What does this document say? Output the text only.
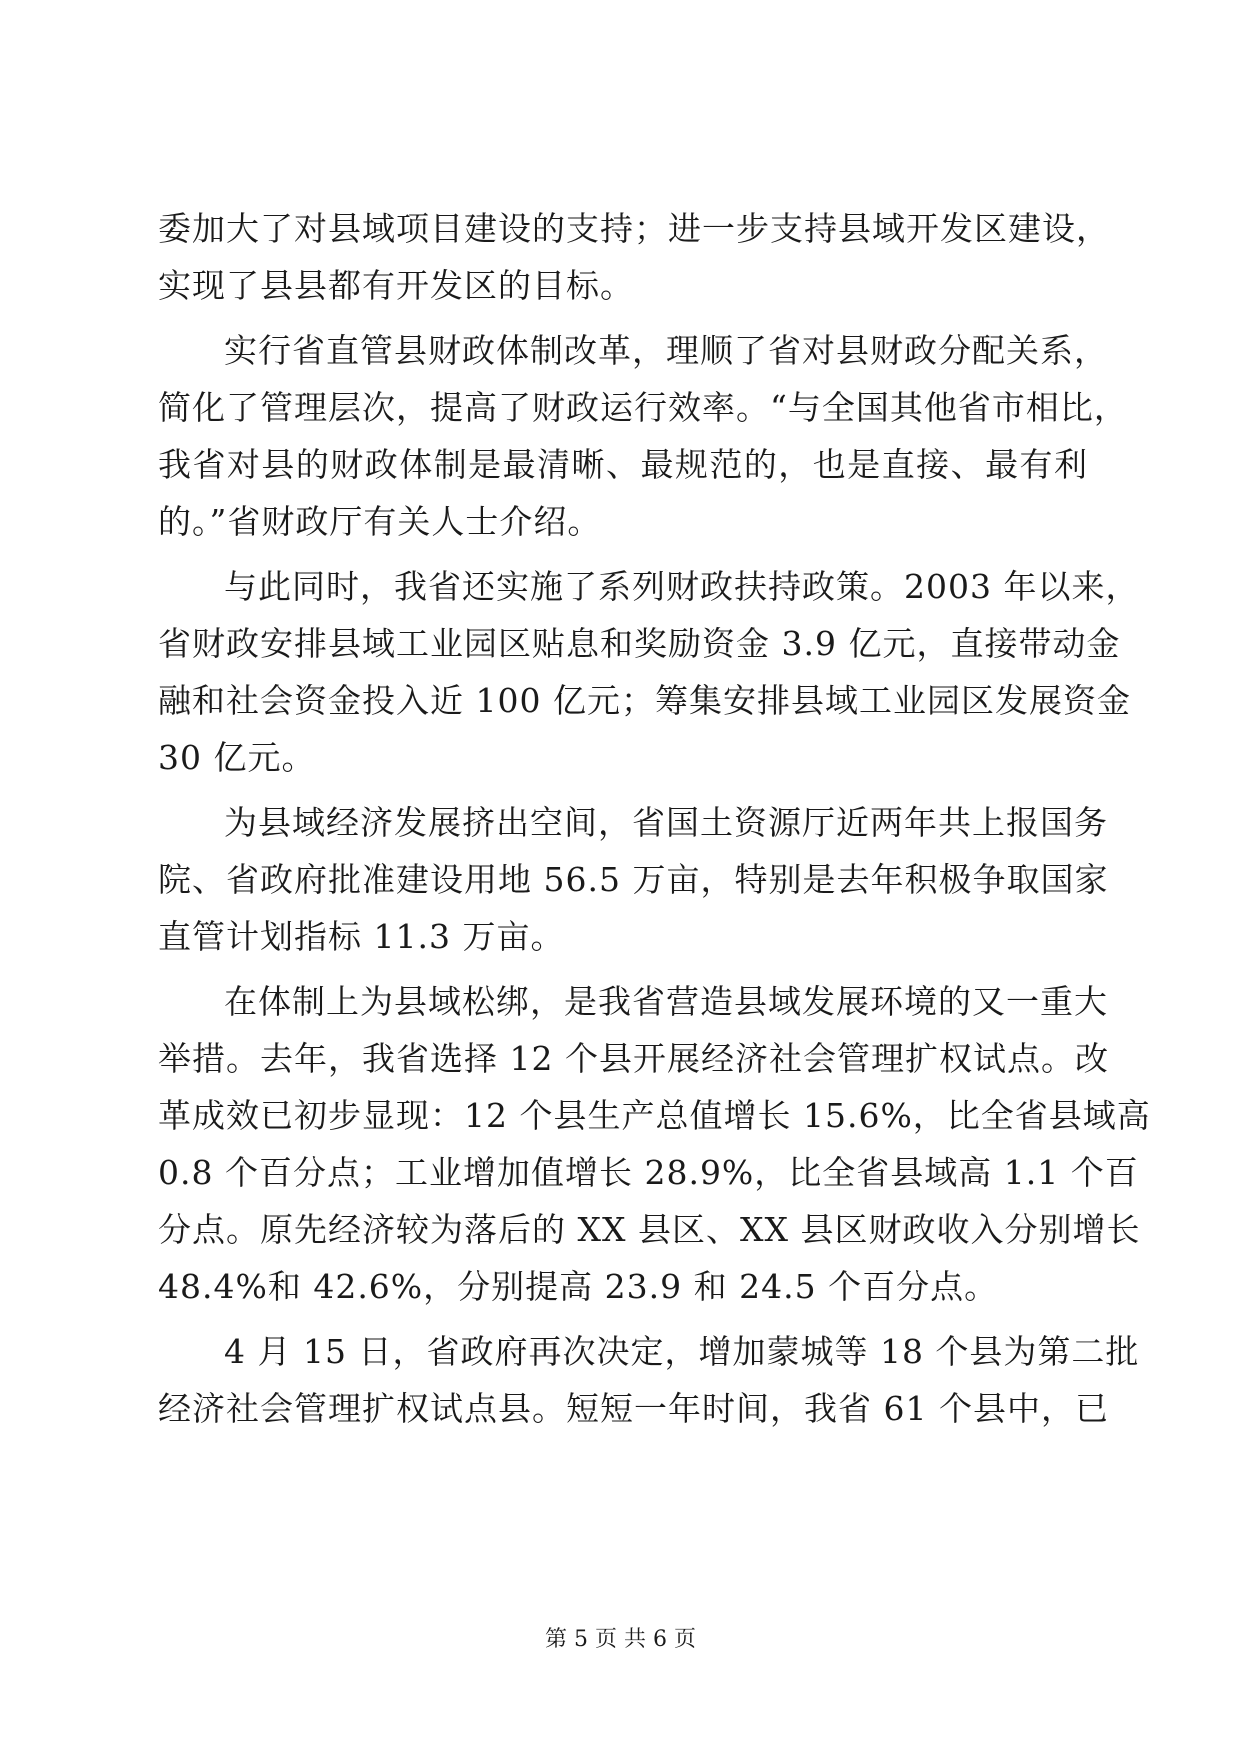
委加大了对县域项目建设的支持；进一步支持县域开发区建设，
实现了县县都有开发区的目标。
实行省直管县财政体制改革，理顺了省对县财政分配关系，
简化了管理层次，提高了财政运行效率。“与全国其他省市相比，
我省对县的财政体制是最清晰、最规范的，也是直接、最有利
的。”省财政厅有关人士介绍。
与此同时，我省还实施了系列财政扶持政策。2003 年以来，
省财政安排县域工业园区贴息和奖励资金 3.9 亿元，直接带动金
融和社会资金投入近 100 亿元；筹集安排县域工业园区发展资金
30 亿元。
为县域经济发展挤出空间，省国土资源厅近两年共上报国务
院、省政府批准建设用地 56.5 万亩，特别是去年积极争取国家
直管计划指标 11.3 万亩。
在体制上为县域松绑，是我省营造县域发展环境的又一重大
举措。去年，我省选择 12 个县开展经济社会管理扩权试点。改
革成效已初步显现：12 个县生产总值增长 15.6%，比全省县域高
0.8 个百分点；工业增加值增长 28.9%，比全省县域高 1.1 个百
分点。原先经济较为落后的 XX 县区、XX 县区财政收入分别增长
48.4%和 42.6%，分别提高 23.9 和 24.5 个百分点。
4 月 15 日，省政府再次决定，增加蒙城等 18 个县为第二批
经济社会管理扩权试点县。短短一年时间，我省 61 个县中，已
第 5 页 共 6 页
